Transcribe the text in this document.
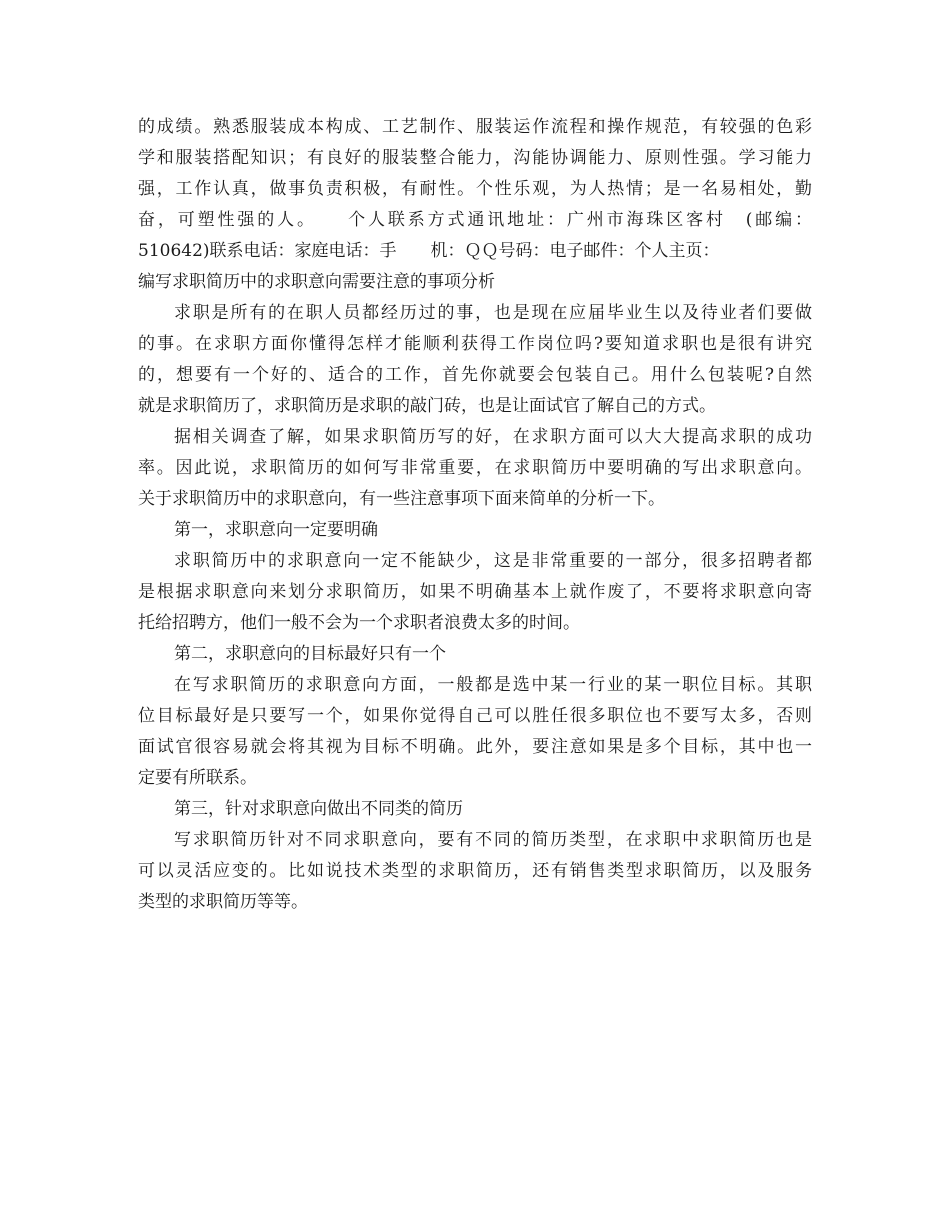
的成绩。熟悉服装成本构成、工艺制作、服装运作流程和操作规范，有较强的色彩
学和服装搭配知识；有良好的服装整合能力，沟能协调能力、原则性强。学习能力
强，工作认真，做事负责积极，有耐性。个性乐观，为人热情；是一名易相处，勤
奋，可塑性强的人。　　个人联系方式通讯地址：广州市海珠区客村　(邮编：
510642)联系电话：家庭电话：手　　机：ＱＱ号码：电子邮件：个人主页：
编写求职简历中的求职意向需要注意的事项分析
求职是所有的在职人员都经历过的事，也是现在应届毕业生以及待业者们要做
的事。在求职方面你懂得怎样才能顺利获得工作岗位吗?要知道求职也是很有讲究
的，想要有一个好的、适合的工作，首先你就要会包装自己。用什么包装呢?自然
就是求职简历了，求职简历是求职的敲门砖，也是让面试官了解自己的方式。
据相关调查了解，如果求职简历写的好，在求职方面可以大大提高求职的成功
率。因此说，求职简历的如何写非常重要，在求职简历中要明确的写出求职意向。
关于求职简历中的求职意向，有一些注意事项下面来简单的分析一下。
第一，求职意向一定要明确
求职简历中的求职意向一定不能缺少，这是非常重要的一部分，很多招聘者都
是根据求职意向来划分求职简历，如果不明确基本上就作废了，不要将求职意向寄
托给招聘方，他们一般不会为一个求职者浪费太多的时间。
第二，求职意向的目标最好只有一个
在写求职简历的求职意向方面，一般都是选中某一行业的某一职位目标。其职
位目标最好是只要写一个，如果你觉得自己可以胜任很多职位也不要写太多，否则
面试官很容易就会将其视为目标不明确。此外，要注意如果是多个目标，其中也一
定要有所联系。
第三，针对求职意向做出不同类的简历
写求职简历针对不同求职意向，要有不同的简历类型，在求职中求职简历也是
可以灵活应变的。比如说技术类型的求职简历，还有销售类型求职简历，以及服务
类型的求职简历等等。
